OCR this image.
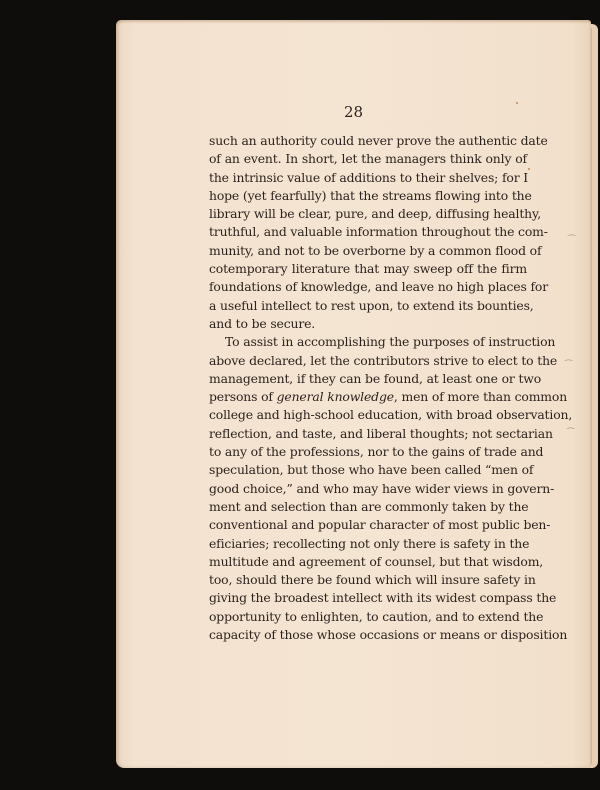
28
such an authority could never prove the authentic date
of an event. In short, let the managers think only of
the intrinsic value of additions to their shelves; for I
hope (yet fearfully) that the streams flowing into the
library will be clear, pure, and deep, diffusing healthy,
truthful, and valuable information throughout the com-
munity, and not to be overborne by a common flood of
cotemporary literature that may sweep off the firm
foundations of knowledge, and leave no high places for
a useful intellect to rest upon, to extend its bounties,
and to be secure.
To assist in accomplishing the purposes of instruction
above declared, let the contributors strive to elect to the
management, if they can be found, at least one or two
persons of general knowledge, men of more than common
college and high-school education, with broad observation,
reflection, and taste, and liberal thoughts; not sectarian
to any of the professions, nor to the gains of trade and
speculation, but those who have been called “men of
good choice,” and who may have wider views in govern-
ment and selection than are commonly taken by the
conventional and popular character of most public ben-
eficiaries; recollecting not only there is safety in the
multitude and agreement of counsel, but that wisdom,
too, should there be found which will insure safety in
giving the broadest intellect with its widest compass the
opportunity to enlighten, to caution, and to extend the
capacity of those whose occasions or means or disposition
⁀
⁀
⁀
